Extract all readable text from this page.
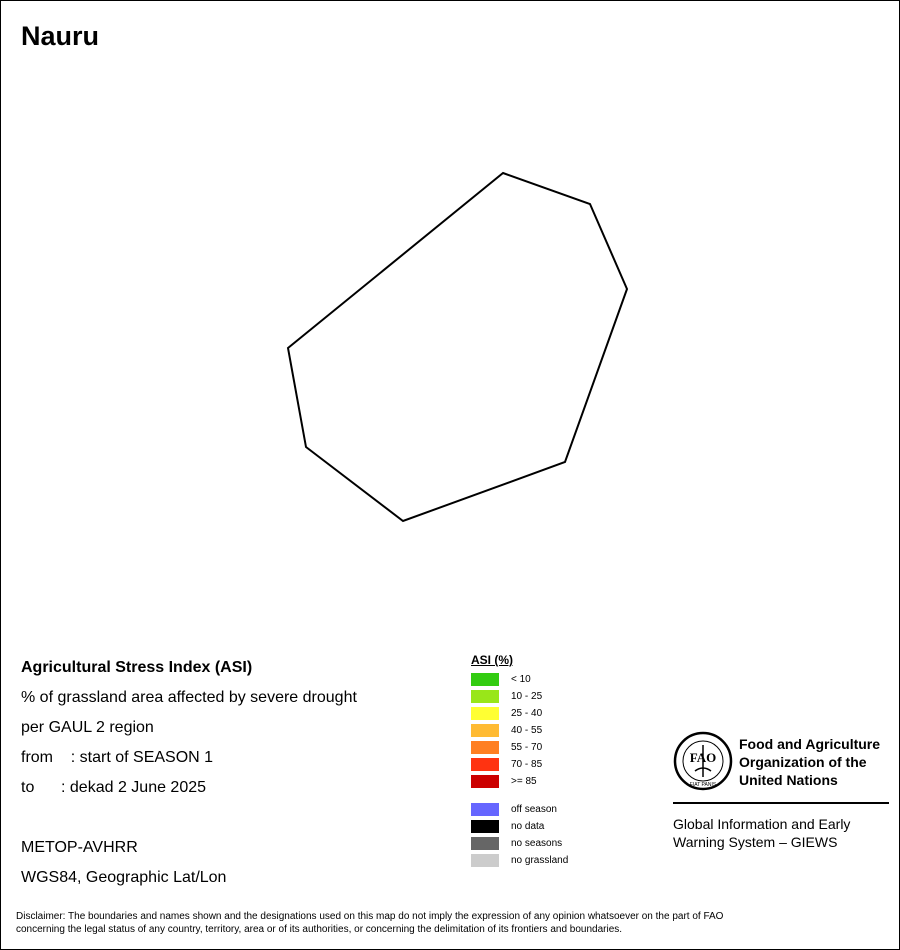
Nauru
Agricultural Stress Index (ASI)
% of grassland area affected by severe drought
per GAUL 2 region
from    : start of SEASON 1
to      : dekad 2 June 2025
METOP-AVHRR
WGS84, Geographic Lat/Lon
ASI (%)
< 10
10 - 25
25 - 40
40 - 55
55 - 70
70 - 85
>= 85
off season
no data
no seasons
no grassland
FAO
FIAT PANIS
Food and Agriculture
Organization of the
United Nations
Global Information and Early
Warning System – GIEWS
Disclaimer: The boundaries and names shown and the designations used on this map do not imply the expression of any opinion whatsoever on the part of FAO
concerning the legal status of any country, territory, area or of its authorities, or concerning the delimitation of its frontiers and boundaries.
